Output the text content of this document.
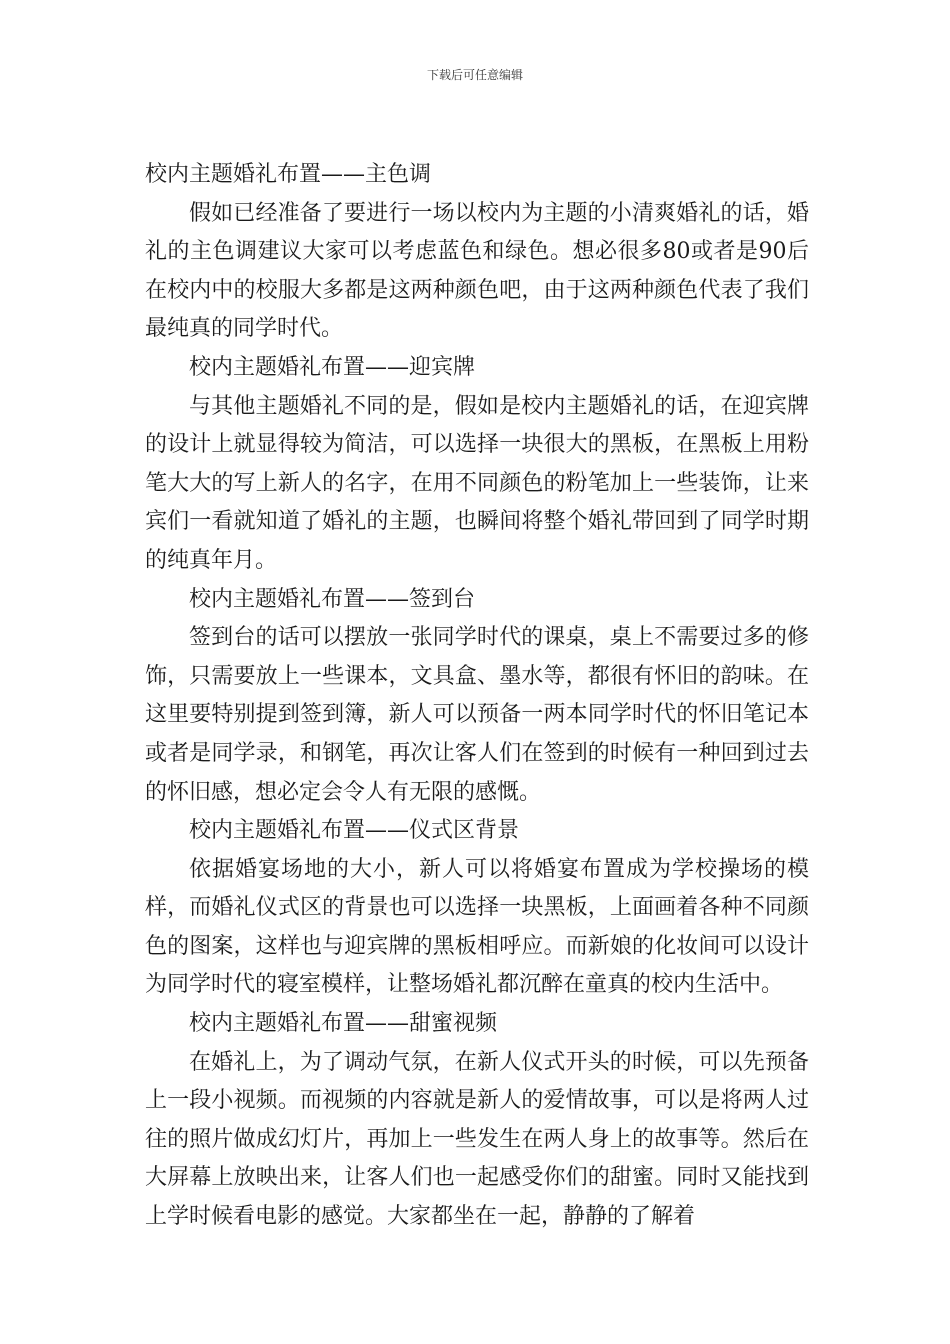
下载后可任意编辑

校内主题婚礼布置——主色调

假如已经准备了要进行一场以校内为主题的小清爽婚礼的话，婚礼的主色调建议大家可以考虑蓝色和绿色。想必很多80或者是90后在校内中的校服大多都是这两种颜色吧，由于这两种颜色代表了我们最纯真的同学时代。

校内主题婚礼布置——迎宾牌

与其他主题婚礼不同的是，假如是校内主题婚礼的话，在迎宾牌的设计上就显得较为简洁，可以选择一块很大的黑板，在黑板上用粉笔大大的写上新人的名字，在用不同颜色的粉笔加上一些装饰，让来宾们一看就知道了婚礼的主题，也瞬间将整个婚礼带回到了同学时期的纯真年月。

校内主题婚礼布置——签到台

签到台的话可以摆放一张同学时代的课桌，桌上不需要过多的修饰，只需要放上一些课本，文具盒、墨水等，都很有怀旧的韵味。在这里要特别提到签到簿，新人可以预备一两本同学时代的怀旧笔记本或者是同学录，和钢笔，再次让客人们在签到的时候有一种回到过去的怀旧感，想必定会令人有无限的感慨。

校内主题婚礼布置——仪式区背景

依据婚宴场地的大小，新人可以将婚宴布置成为学校操场的模样，而婚礼仪式区的背景也可以选择一块黑板，上面画着各种不同颜色的图案，这样也与迎宾牌的黑板相呼应。而新娘的化妆间可以设计为同学时代的寝室模样，让整场婚礼都沉醉在童真的校内生活中。

校内主题婚礼布置——甜蜜视频

在婚礼上，为了调动气氛，在新人仪式开头的时候，可以先预备上一段小视频。而视频的内容就是新人的爱情故事，可以是将两人过往的照片做成幻灯片，再加上一些发生在两人身上的故事等。然后在大屏幕上放映出来，让客人们也一起感受你们的甜蜜。同时又能找到上学时候看电影的感觉。大家都坐在一起，静静的了解着
